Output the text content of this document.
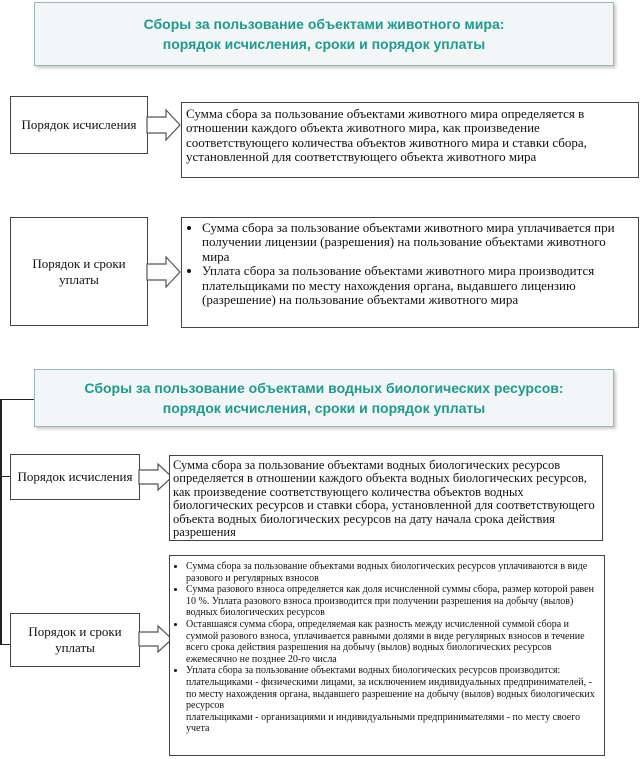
Сборы за пользование объектами животного мира:
порядок исчисления, сроки и порядок уплаты
Порядок исчисления
Сумма сбора за пользование объектами животного мира определяется в отношении каждого объекта животного мира, как произведение соответствующего количества объектов животного мира и ставки сбора, установленной для соответствующего объекта животного мира
Порядок и сроки
уплаты
• Сумма сбора за пользование объектами животного мира уплачивается при получении лицензии (разрешения) на пользование объектами животного мира
• Уплата сбора за пользование объектами животного мира производится плательщиками по месту нахождения органа, выдавшего лицензию (разрешение) на пользование объектами животного мира
Сборы за пользование объектами водных биологических ресурсов:
порядок исчисления, сроки и порядок уплаты
Порядок исчисления
Сумма сбора за пользование объектами водных биологических ресурсов определяется в отношении каждого объекта водных биологических ресурсов, как произведение соответствующего количества объектов водных биологических ресурсов и ставки сбора, установленной для соответствующего объекта водных биологических ресурсов на дату начала срока действия разрешения
Порядок и сроки
уплаты
• Сумма сбора за пользование объектами водных биологических ресурсов уплачиваются в виде разового и регулярных взносов
• Сумма разового взноса определяется как доля исчисленной суммы сбора, размер которой равен 10 %. Уплата разового взноса производится при получении разрешения на добычу (вылов) водных биологических ресурсов
• Оставшаяся сумма сбора, определяемая как разность между исчисленной суммой сбора и суммой разового взноса, уплачивается равными долями в виде регулярных взносов в течение всего срока действия разрешения на добычу (вылов) водных биологических ресурсов ежемесячно не позднее 20-го числа
• Уплата сбора за пользование объектами водных биологических ресурсов производится:
плательщиками - физическими лицами, за исключением индивидуальных предпринимателей, - по месту нахождения органа, выдавшего разрешение на добычу (вылов) водных биологических ресурсов
плательщиками - организациями и индивидуальными предпринимателями - по месту своего учета
